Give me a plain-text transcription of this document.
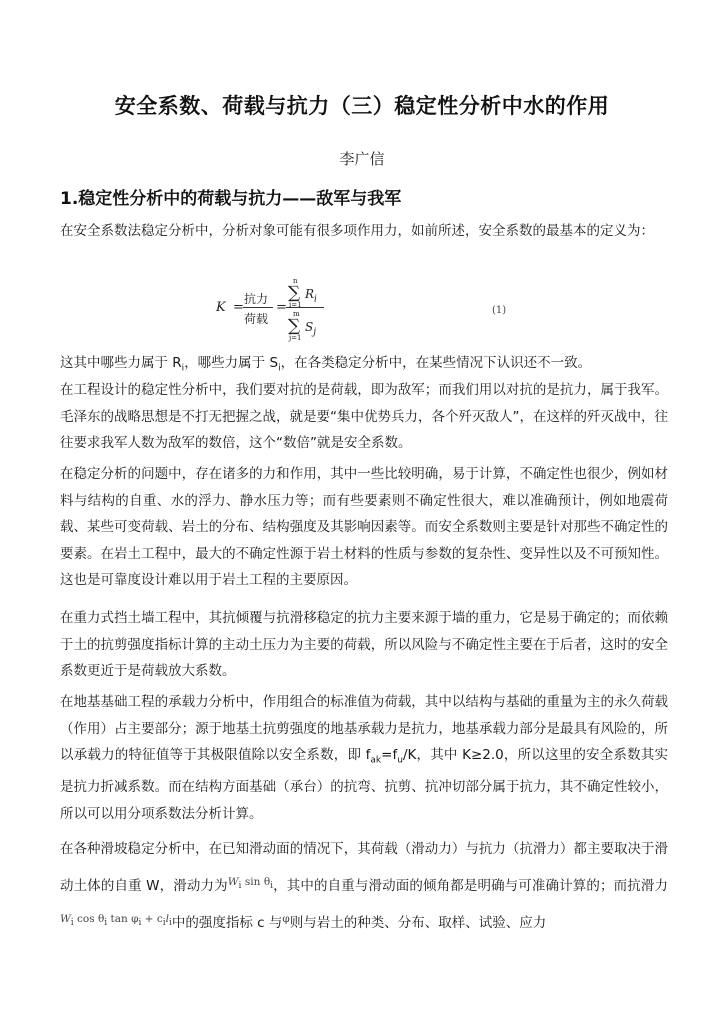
安全系数、荷载与抗力（三）稳定性分析中水的作用
李广信
1.稳定性分析中的荷载与抗力——敌军与我军

在安全系数法稳定分析中，分析对象可能有很多项作用力，如前所述，安全系数的最基本的定义为：

K =
抗力
荷载
=
n
∑
i=1
$R_i$
m
∑
j=1
$S_j$
(1)

这其中哪些力属于 $R_i$，哪些力属于 $S_i$，在各类稳定分析中，在某些情况下认识还不一致。

在工程设计的稳定性分析中，我们要对抗的是荷载，即为敌军；而我们用以对抗的是抗力，属于我军。毛泽东的战略思想是不打无把握之战，就是要“集中优势兵力，各个歼灭敌人”，在这样的歼灭战中，往往要求我军人数为敌军的数倍，这个“数倍”就是安全系数。

在稳定分析的问题中，存在诸多的力和作用，其中一些比较明确，易于计算，不确定性也很少，例如材料与结构的自重、水的浮力、静水压力等；而有些要素则不确定性很大，难以准确预计，例如地震荷载、某些可变荷载、岩土的分布、结构强度及其影响因素等。而安全系数则主要是针对那些不确定性的要素。在岩土工程中，最大的不确定性源于岩土材料的性质与参数的复杂性、变异性以及不可预知性。这也是可靠度设计难以用于岩土工程的主要原因。

在重力式挡土墙工程中，其抗倾覆与抗滑移稳定的抗力主要来源于墙的重力，它是易于确定的；而依赖于土的抗剪强度指标计算的主动土压力为主要的荷载，所以风险与不确定性主要在于后者，这时的安全系数更近于是荷载放大系数。

在地基基础工程的承载力分析中，作用组合的标准值为荷载，其中以结构与基础的重量为主的永久荷载（作用）占主要部分；源于地基土抗剪强度的地基承载力是抗力，地基承载力部分是最具有风险的，所以承载力的特征值等于其极限值除以安全系数，即 $f_{ak}=f_u/K$，其中 K≥2.0，所以这里的安全系数其实是抗力折减系数。而在结构方面基础（承台）的抗弯、抗剪、抗冲切部分属于抗力，其不确定性较小，所以可以用分项系数法分析计算。

在各种滑坡稳定分析中，在已知滑动面的情况下，其荷载（滑动力）与抗力（抗滑力）都主要取决于滑动土体的自重 W，滑动力为$^{Wi sin \theta i}$，其中的自重与滑动面的倾角都是明确与可准确计算的；而抗滑力$^{Wi cos \theta i tan \varphi i + cili}$中的强度指标 c 与$^\varphi$则与岩土的种类、分布、取样、试验、应力
